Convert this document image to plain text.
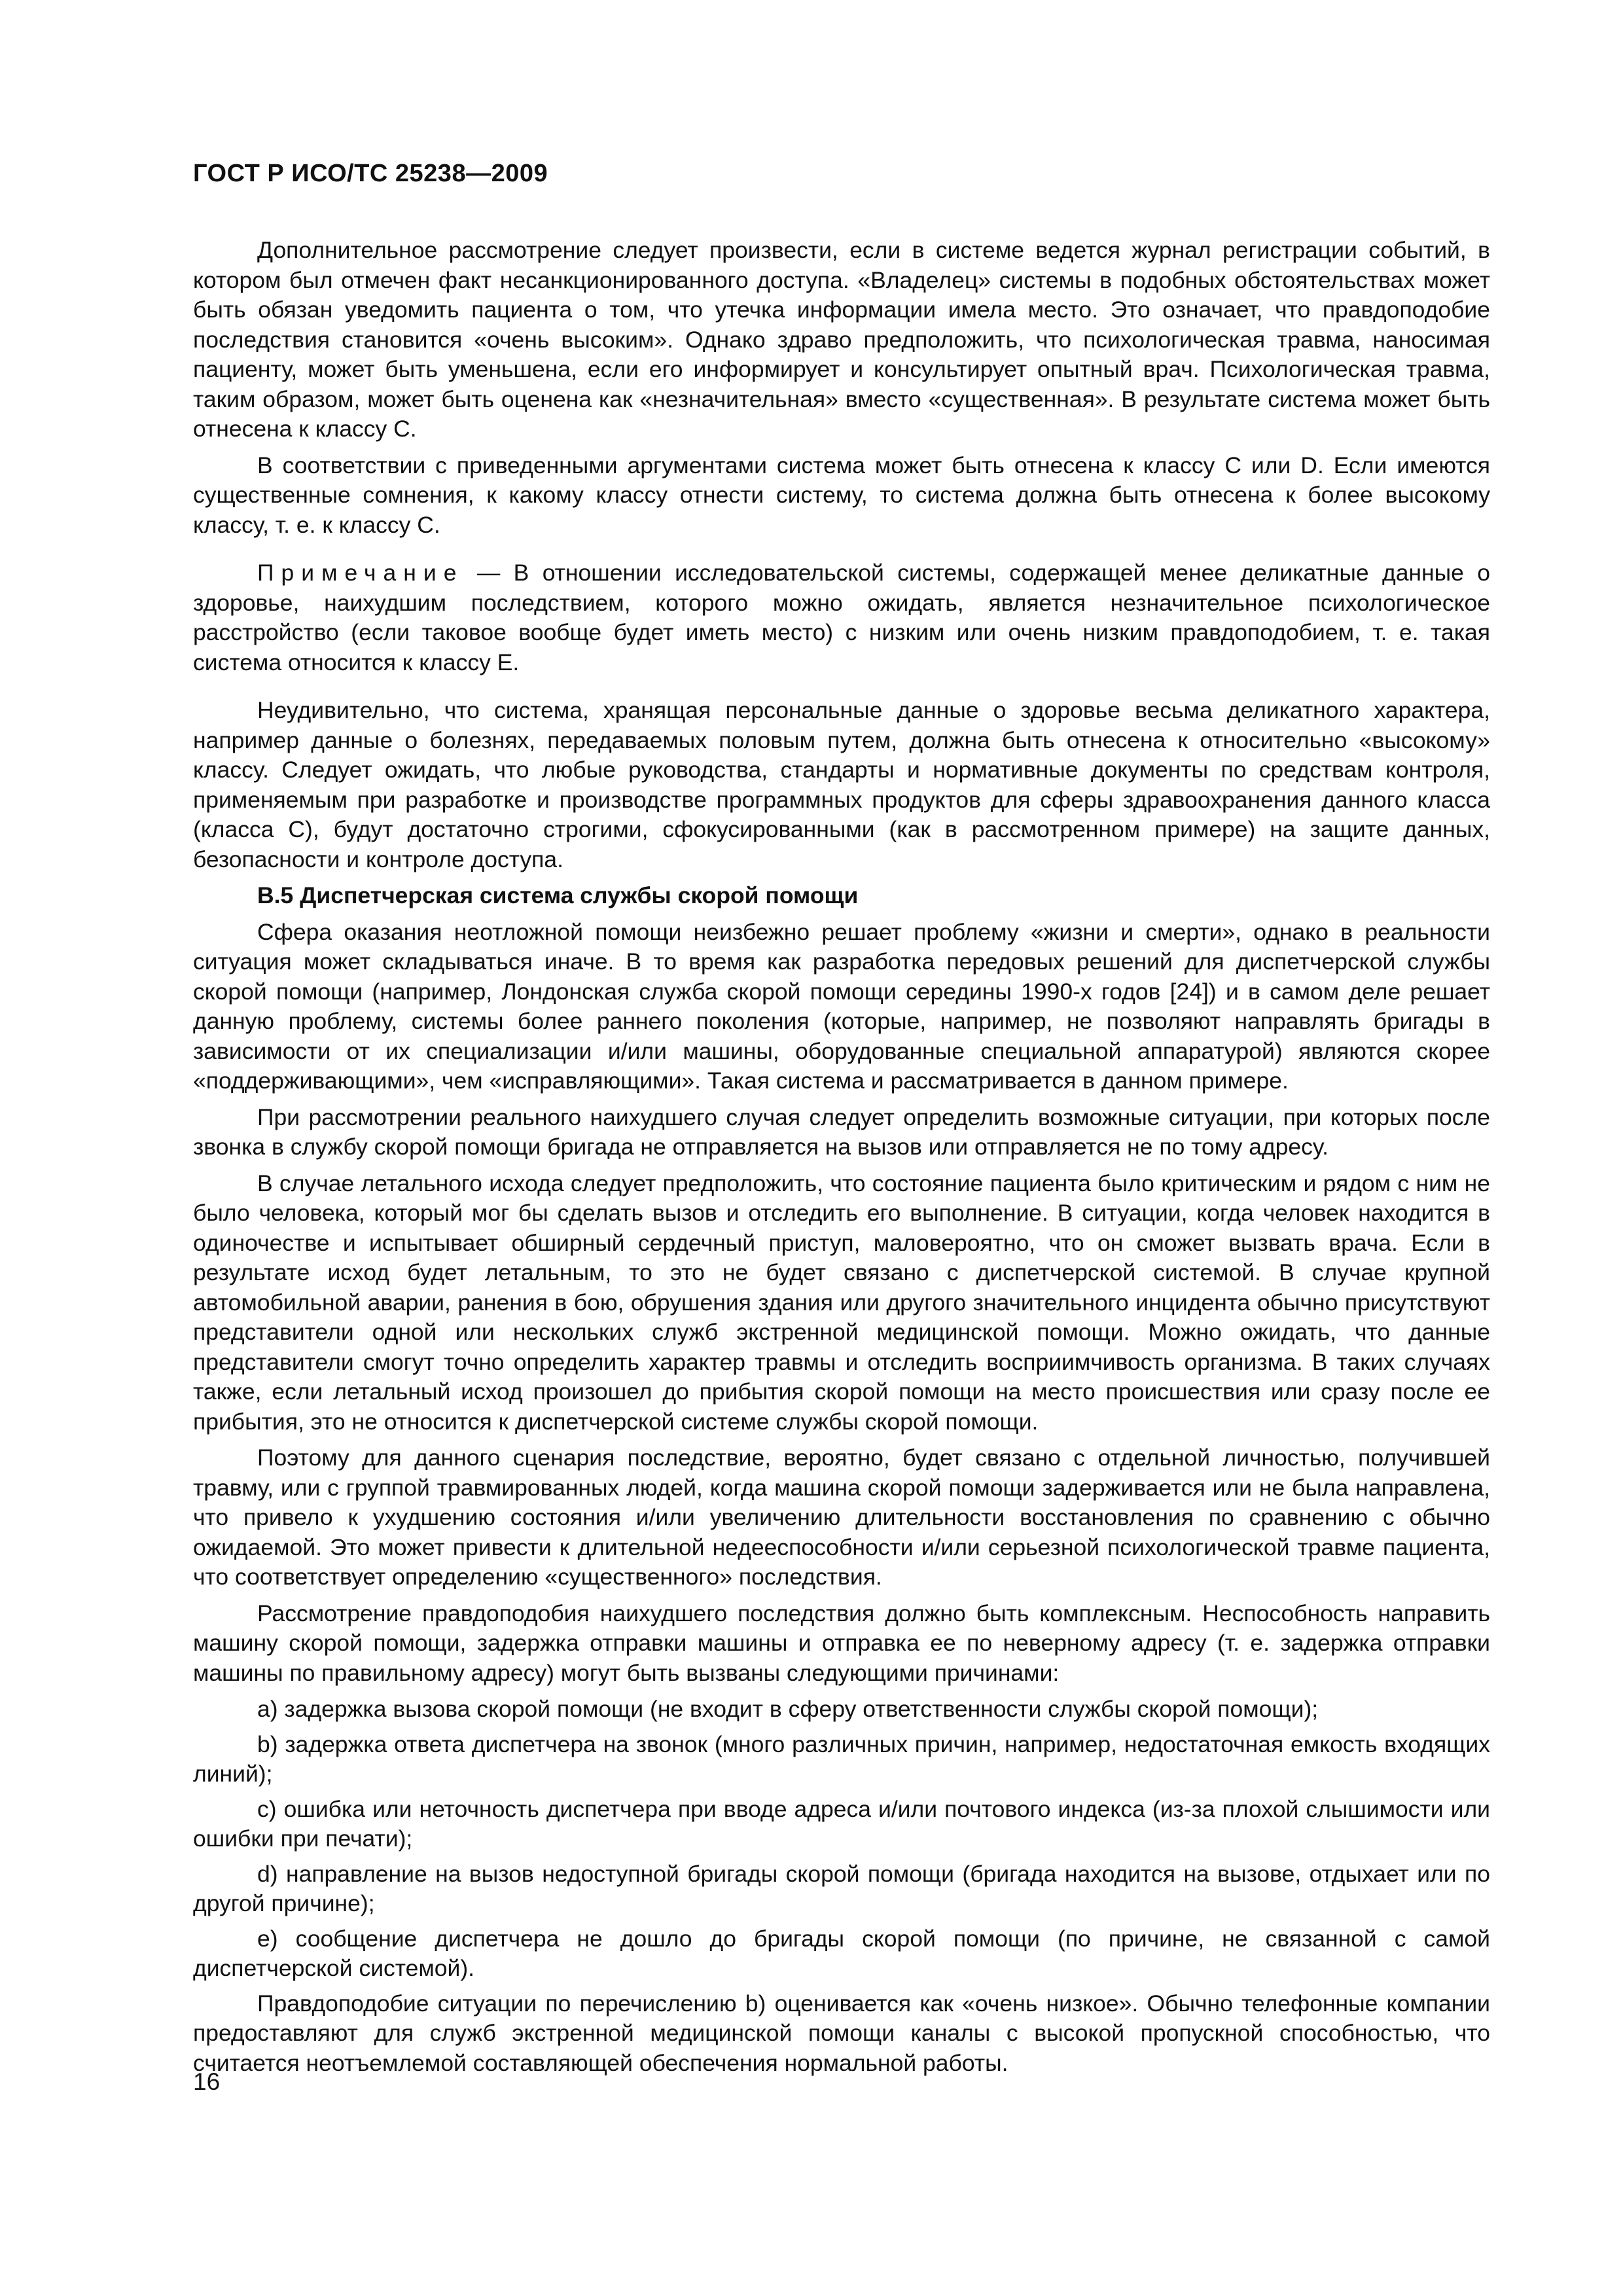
ГОСТ Р ИСО/ТС 25238—2009

Дополнительное рассмотрение следует произвести, если в системе ведется журнал регистрации событий, в котором был отмечен факт несанкционированного доступа. «Владелец» системы в подобных обстоятельствах может быть обязан уведомить пациента о том, что утечка информации имела место. Это означает, что правдоподобие последствия становится «очень высоким». Однако здраво предположить, что психологическая травма, наносимая пациенту, может быть уменьшена, если его информирует и консультирует опытный врач. Психологическая травма, таким образом, может быть оценена как «незначительная» вместо «существенная». В результате система может быть отнесена к классу С.

В соответствии с приведенными аргументами система может быть отнесена к классу С или D. Если имеются существенные сомнения, к какому классу отнести систему, то система должна быть отнесена к более высокому классу, т. е. к классу С.

Примечание — В отношении исследовательской системы, содержащей менее деликатные данные о здоровье, наихудшим последствием, которого можно ожидать, является незначительное психологическое расстройство (если таковое вообще будет иметь место) с низким или очень низким правдоподобием, т. е. такая система относится к классу Е.

Неудивительно, что система, хранящая персональные данные о здоровье весьма деликатного характера, например данные о болезнях, передаваемых половым путем, должна быть отнесена к относительно «высокому» классу. Следует ожидать, что любые руководства, стандарты и нормативные документы по средствам контроля, применяемым при разработке и производстве программных продуктов для сферы здравоохранения данного класса (класса С), будут достаточно строгими, сфокусированными (как в рассмотренном примере) на защите данных, безопасности и контроле доступа.

В.5 Диспетчерская система службы скорой помощи

Сфера оказания неотложной помощи неизбежно решает проблему «жизни и смерти», однако в реальности ситуация может складываться иначе. В то время как разработка передовых решений для диспетчерской службы скорой помощи (например, Лондонская служба скорой помощи середины 1990-х годов [24]) и в самом деле решает данную проблему, системы более раннего поколения (которые, например, не позволяют направлять бригады в зависимости от их специализации и/или машины, оборудованные специальной аппаратурой) являются скорее «поддерживающими», чем «исправляющими». Такая система и рассматривается в данном примере.

При рассмотрении реального наихудшего случая следует определить возможные ситуации, при которых после звонка в службу скорой помощи бригада не отправляется на вызов или отправляется не по тому адресу.

В случае летального исхода следует предположить, что состояние пациента было критическим и рядом с ним не было человека, который мог бы сделать вызов и отследить его выполнение. В ситуации, когда человек находится в одиночестве и испытывает обширный сердечный приступ, маловероятно, что он сможет вызвать врача. Если в результате исход будет летальным, то это не будет связано с диспетчерской системой. В случае крупной автомобильной аварии, ранения в бою, обрушения здания или другого значительного инцидента обычно присутствуют представители одной или нескольких служб экстренной медицинской помощи. Можно ожидать, что данные представители смогут точно определить характер травмы и отследить восприимчивость организма. В таких случаях также, если летальный исход произошел до прибытия скорой помощи на место происшествия или сразу после ее прибытия, это не относится к диспетчерской системе службы скорой помощи.

Поэтому для данного сценария последствие, вероятно, будет связано с отдельной личностью, получившей травму, или с группой травмированных людей, когда машина скорой помощи задерживается или не была направлена, что привело к ухудшению состояния и/или увеличению длительности восстановления по сравнению с обычно ожидаемой. Это может привести к длительной недееспособности и/или серьезной психологической травме пациента, что соответствует определению «существенного» последствия.

Рассмотрение правдоподобия наихудшего последствия должно быть комплексным. Неспособность направить машину скорой помощи, задержка отправки машины и отправка ее по неверному адресу (т. е. задержка отправки машины по правильному адресу) могут быть вызваны следующими причинами:

a) задержка вызова скорой помощи (не входит в сферу ответственности службы скорой помощи);

b) задержка ответа диспетчера на звонок (много различных причин, например, недостаточная емкость входящих линий);

c) ошибка или неточность диспетчера при вводе адреса и/или почтового индекса (из-за плохой слышимости или ошибки при печати);

d) направление на вызов недоступной бригады скорой помощи (бригада находится на вызове, отдыхает или по другой причине);

e) сообщение диспетчера не дошло до бригады скорой помощи (по причине, не связанной с самой диспетчерской системой).

Правдоподобие ситуации по перечислению b) оценивается как «очень низкое». Обычно телефонные компании предоставляют для служб экстренной медицинской помощи каналы с высокой пропускной способностью, что считается неотъемлемой составляющей обеспечения нормальной работы.

16
